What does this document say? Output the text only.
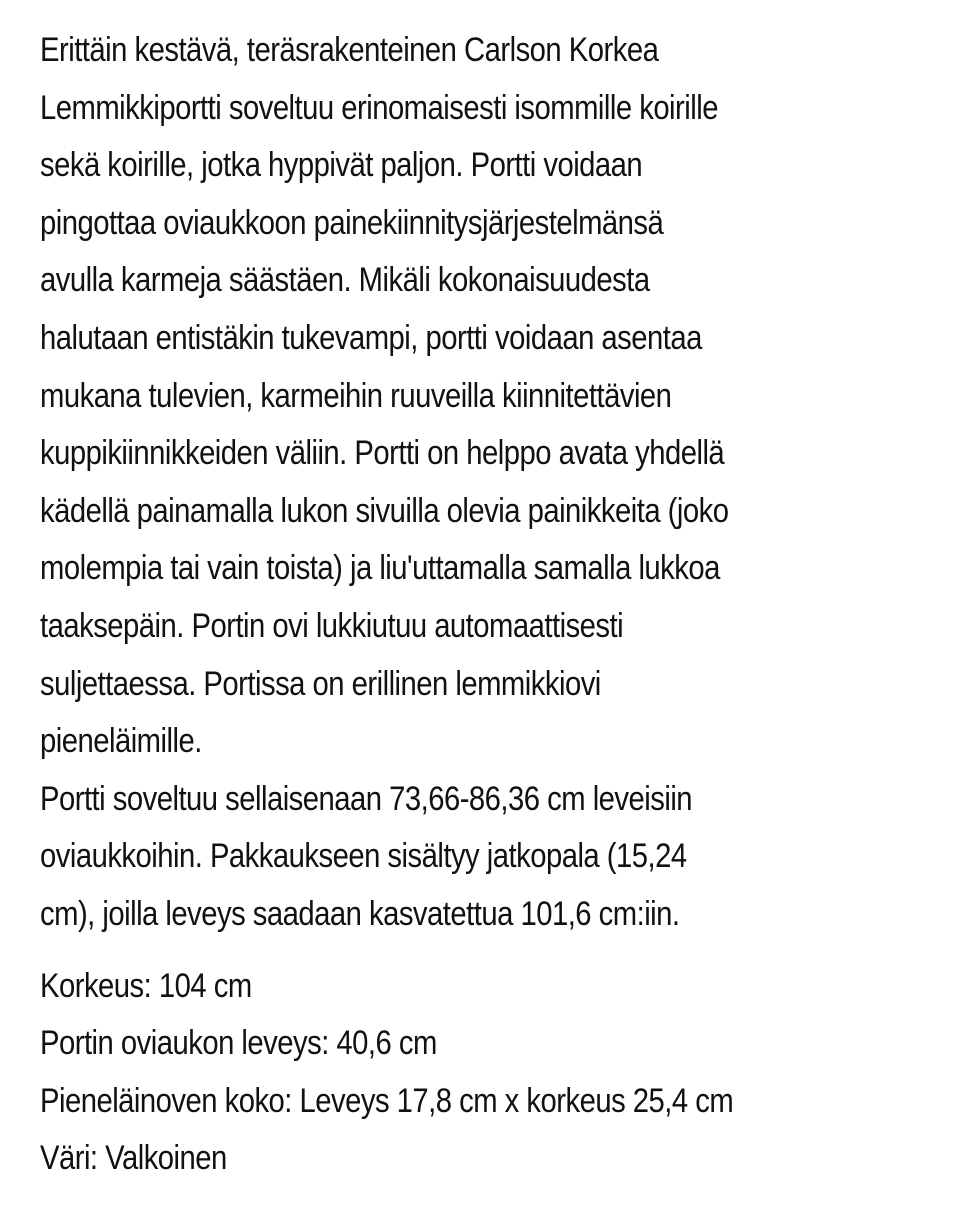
Erittäin kestävä, teräsrakenteinen Carlson Korkea
Lemmikkiportti soveltuu erinomaisesti isommille koirille
sekä koirille, jotka hyppivät paljon. Portti voidaan
pingottaa oviaukkoon painekiinnitysjärjestelmänsä
avulla karmeja säästäen. Mikäli kokonaisuudesta
halutaan entistäkin tukevampi, portti voidaan asentaa
mukana tulevien, karmeihin ruuveilla kiinnitettävien
kuppikiinnikkeiden väliin. Portti on helppo avata yhdellä
kädellä painamalla lukon sivuilla olevia painikkeita (joko
molempia tai vain toista) ja liu'uttamalla samalla lukkoa
taaksepäin. Portin ovi lukkiutuu automaattisesti
suljettaessa. Portissa on erillinen lemmikkiovi
pieneläimille.
Portti soveltuu sellaisenaan 73,66-86,36 cm leveisiin
oviaukkoihin. Pakkaukseen sisältyy jatkopala (15,24
cm), joilla leveys saadaan kasvatettua 101,6 cm:iin.
Korkeus: 104 cm
Portin oviaukon leveys: 40,6 cm
Pieneläinoven koko: Leveys 17,8 cm x korkeus 25,4 cm
Väri: Valkoinen
